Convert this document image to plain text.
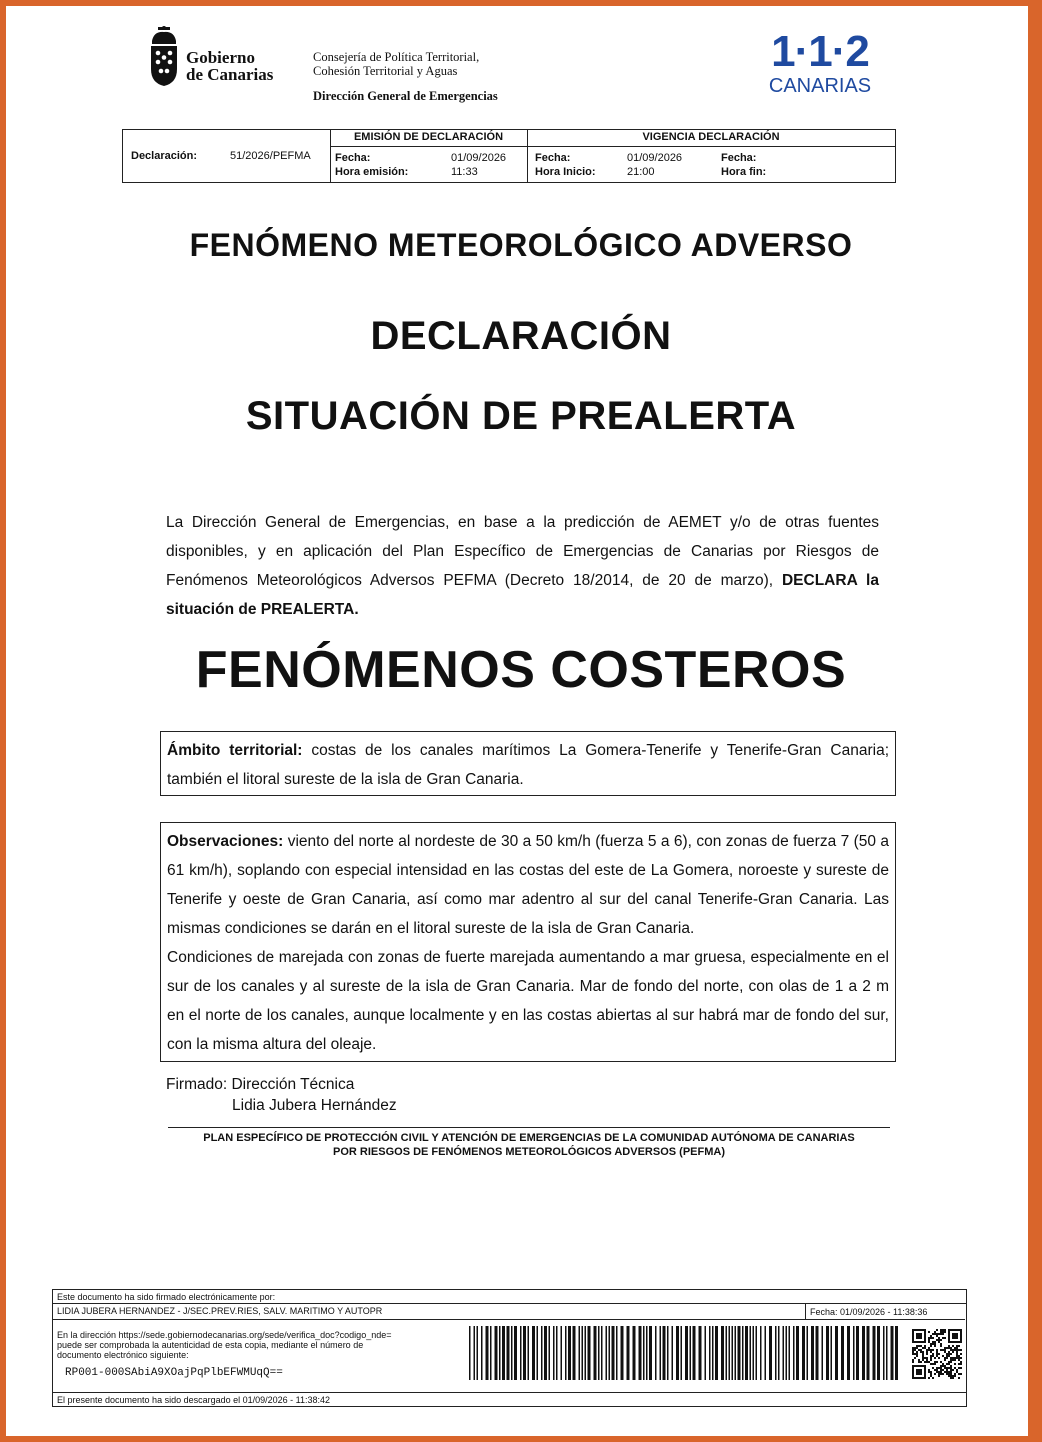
Gobierno
de Canarias
Consejería de Política Territorial,
Cohesión Territorial y Aguas
Dirección General de Emergencias
1·1·2
CANARIAS
Declaración:	51/2026/PEFMA
EMISIÓN DE DECLARACIÓN
Fecha:	01/09/2026
Hora emisión:	11:33
VIGENCIA DECLARACIÓN
Fecha:	01/09/2026
Hora Inicio:	21:00
Fecha:
Hora fin:
FENÓMENO METEOROLÓGICO ADVERSO
DECLARACIÓN
SITUACIÓN DE PREALERTA
La Dirección General de Emergencias, en base a la predicción de AEMET y/o de otras fuentes disponibles, y en aplicación del Plan Específico de Emergencias de Canarias por Riesgos de Fenómenos Meteorológicos Adversos PEFMA (Decreto 18/2014, de 20 de marzo), DECLARA la situación de PREALERTA.
FENÓMENOS COSTEROS
Ámbito territorial: costas de los canales marítimos La Gomera-Tenerife y Tenerife-Gran Canaria; también el litoral sureste de la isla de Gran Canaria.
Observaciones: viento del norte al nordeste de 30 a 50 km/h (fuerza 5 a 6), con zonas de fuerza 7 (50 a 61 km/h), soplando con especial intensidad en las costas del este de La Gomera, noroeste y sureste de Tenerife y oeste de Gran Canaria, así como mar adentro al sur del canal Tenerife-Gran Canaria. Las mismas condiciones se darán en el litoral sureste de la isla de Gran Canaria.
Condiciones de marejada con zonas de fuerte marejada aumentando a mar gruesa, especialmente en el sur de los canales y al sureste de la isla de Gran Canaria. Mar de fondo del norte, con olas de 1 a 2 m en el norte de los canales, aunque localmente y en las costas abiertas al sur habrá mar de fondo del sur, con la misma altura del oleaje.
Firmado: Dirección Técnica
Lidia Jubera Hernández
PLAN ESPECÍFICO DE PROTECCIÓN CIVIL Y ATENCIÓN DE EMERGENCIAS DE LA COMUNIDAD AUTÓNOMA DE CANARIAS
POR RIESGOS DE FENÓMENOS METEOROLÓGICOS ADVERSOS (PEFMA)
Este documento ha sido firmado electrónicamente por:
LIDIA JUBERA HERNANDEZ - J/SEC.PREV.RIES, SALV. MARITIMO Y AUTOPR	Fecha: 01/09/2026 - 11:38:36
En la dirección https://sede.gobiernodecanarias.org/sede/verifica_doc?codigo_nde=
puede ser comprobada la autenticidad de esta copia, mediante el número de
documento electrónico siguiente:
RP001-000SAbiA9XOajPqPlbEFWMUqQ==
El presente documento ha sido descargado el 01/09/2026 - 11:38:42
